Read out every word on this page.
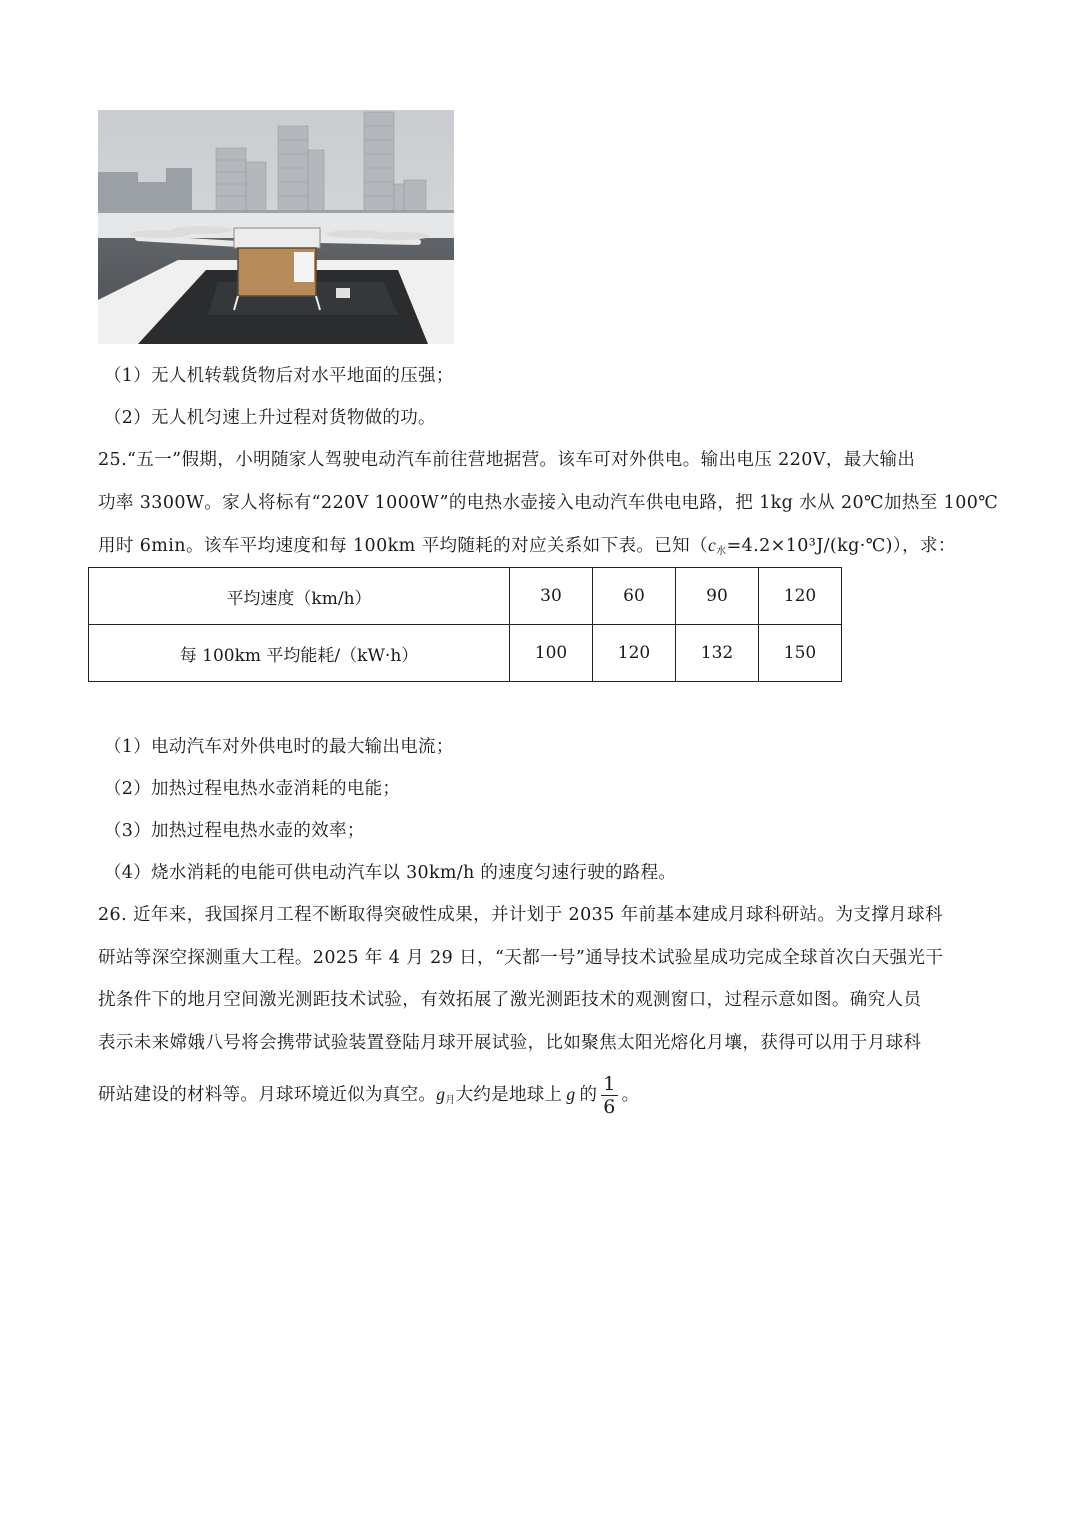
（1）无人机转载货物后对水平地面的压强；
（2）无人机匀速上升过程对货物做的功。
25.“五一”假期，小明随家人驾驶电动汽车前往营地据营。该车可对外供电。输出电压 220V，最大输出
功率 3300W。家人将标有“220V 1000W”的电热水壶接入电动汽车供电电路，把 1kg 水从 20℃加热至 100℃
用时 6min。该车平均速度和每 100km 平均随耗的对应关系如下表。已知$(c_水=4.2\times 10^3J/(kg\cdot℃))$，求：
平均速度（km/h）	30	60	90	120
每 100km 平均能耗/（kW·h）	100	120	132	150
（1）电动汽车对外供电时的最大输出电流；
（2）加热过程电热水壶消耗的电能；
（3）加热过程电热水壶的效率；
（4）烧水消耗的电能可供电动汽车以 30km/h 的速度匀速行驶的路程。
26. 近年来，我国探月工程不断取得突破性成果，并计划于 2035 年前基本建成月球科研站。为支撑月球科
研站等深空探测重大工程。2025 年 4 月 29 日，“天都一号”通导技术试验星成功完成全球首次白天强光干
扰条件下的地月空间激光测距技术试验，有效拓展了激光测距技术的观测窗口，过程示意如图。确究人员
表示未来嫦娥八号将会携带试验装置登陆月球开展试验，比如聚焦太阳光熔化月壤，获得可以用于月球科
研站建设的材料等。月球环境近似为真空。$g_月$大约是地球上 g 的 $\frac{1}{6}$ 。
